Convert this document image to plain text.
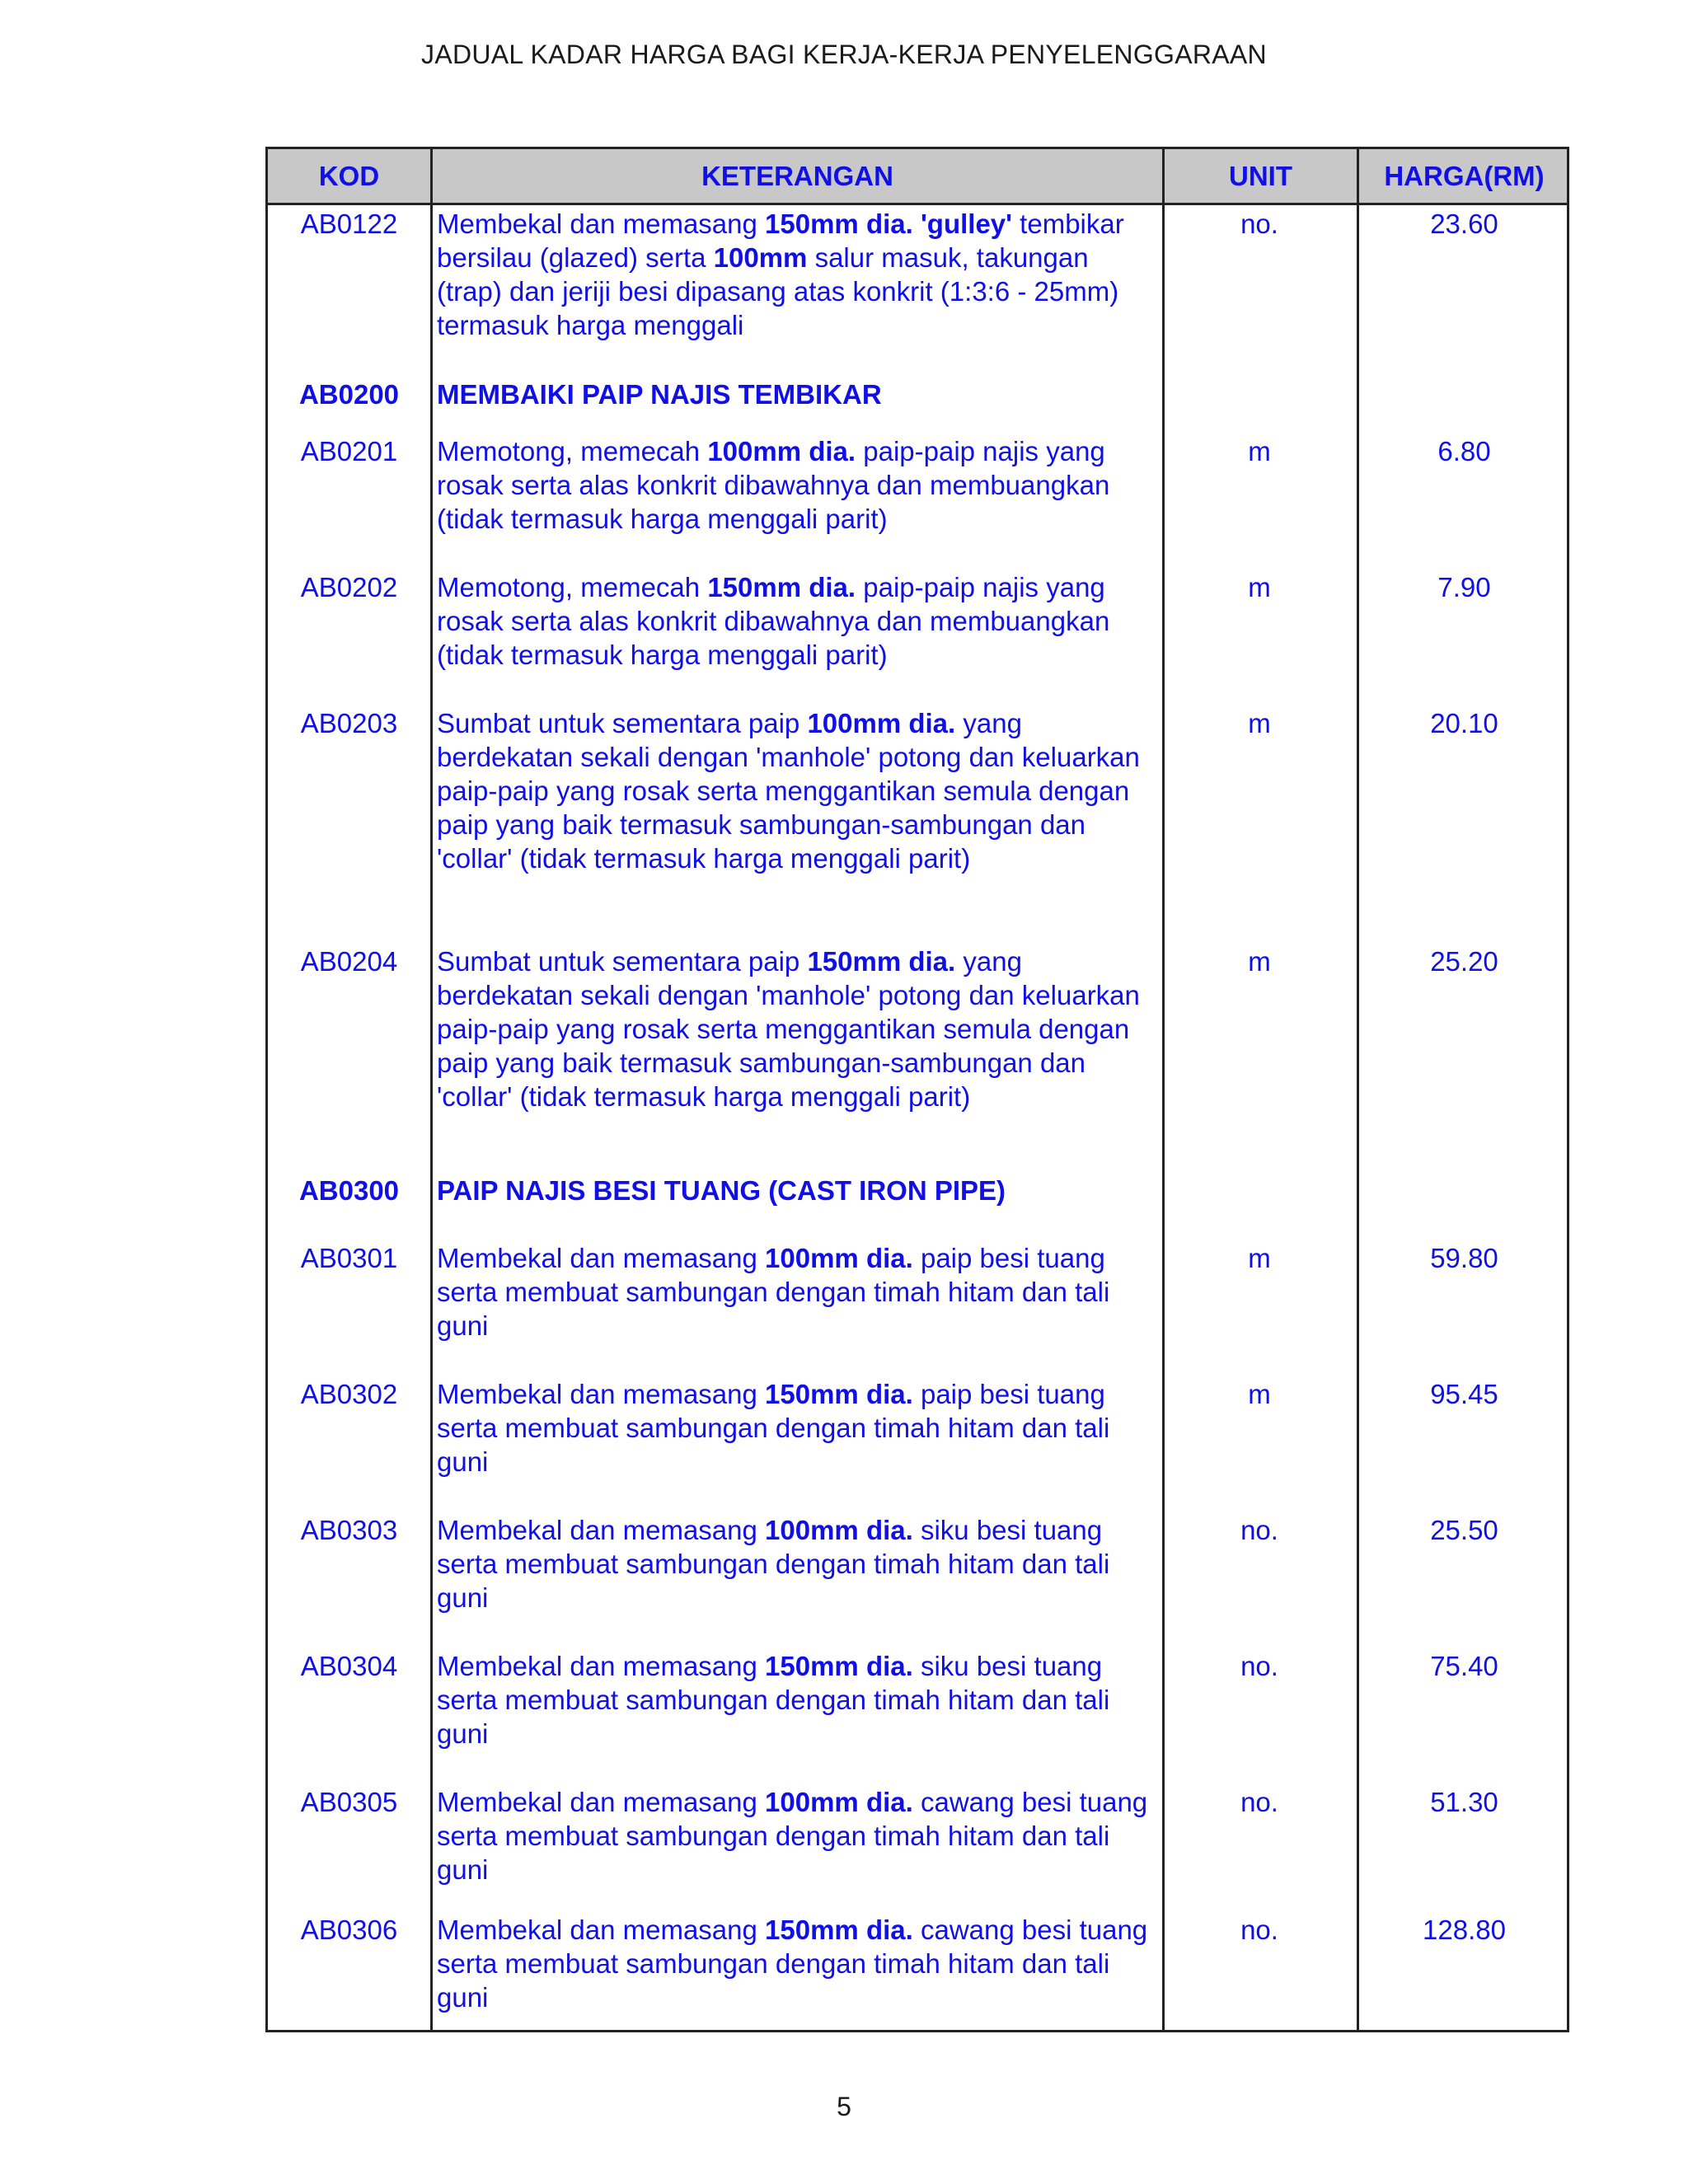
JADUAL KADAR HARGA BAGI KERJA-KERJA PENYELENGGARAAN
KOD	KETERANGAN	UNIT	HARGA(RM)
AB0122	Membekal dan memasang 150mm dia. 'gulley' tembikar
bersilau (glazed) serta 100mm salur masuk, takungan
(trap) dan jeriji besi dipasang atas konkrit (1:3:6 - 25mm)
termasuk harga menggali
no.	23.60
AB0200	MEMBAIKI PAIP NAJIS TEMBIKAR
AB0201	Memotong, memecah 100mm dia. paip-paip najis yang
rosak serta alas konkrit dibawahnya dan membuangkan
(tidak termasuk harga menggali parit)
m	6.80
AB0202	Memotong, memecah 150mm dia. paip-paip najis yang
rosak serta alas konkrit dibawahnya dan membuangkan
(tidak termasuk harga menggali parit)
m	7.90
AB0203	Sumbat untuk sementara paip 100mm dia. yang
berdekatan sekali dengan 'manhole' potong dan keluarkan
paip-paip yang rosak serta menggantikan semula dengan
paip yang baik termasuk sambungan-sambungan dan
'collar' (tidak termasuk harga menggali parit)
m	20.10
AB0204	Sumbat untuk sementara paip 150mm dia. yang
berdekatan sekali dengan 'manhole' potong dan keluarkan
paip-paip yang rosak serta menggantikan semula dengan
paip yang baik termasuk sambungan-sambungan dan
'collar' (tidak termasuk harga menggali parit)
m	25.20
AB0300	PAIP NAJIS BESI TUANG (CAST IRON PIPE)
AB0301	Membekal dan memasang 100mm dia. paip besi tuang
serta membuat sambungan dengan timah hitam dan tali
guni
m	59.80
AB0302	Membekal dan memasang 150mm dia. paip besi tuang
serta membuat sambungan dengan timah hitam dan tali
guni
m	95.45
AB0303	Membekal dan memasang 100mm dia. siku besi tuang
serta membuat sambungan dengan timah hitam dan tali
guni
no.	25.50
AB0304	Membekal dan memasang 150mm dia. siku besi tuang
serta membuat sambungan dengan timah hitam dan tali
guni
no.	75.40
AB0305	Membekal dan memasang 100mm dia. cawang besi tuang
serta membuat sambungan dengan timah hitam dan tali
guni
no.	51.30
AB0306	Membekal dan memasang 150mm dia. cawang besi tuang
serta membuat sambungan dengan timah hitam dan tali
guni
no.	128.80
5
